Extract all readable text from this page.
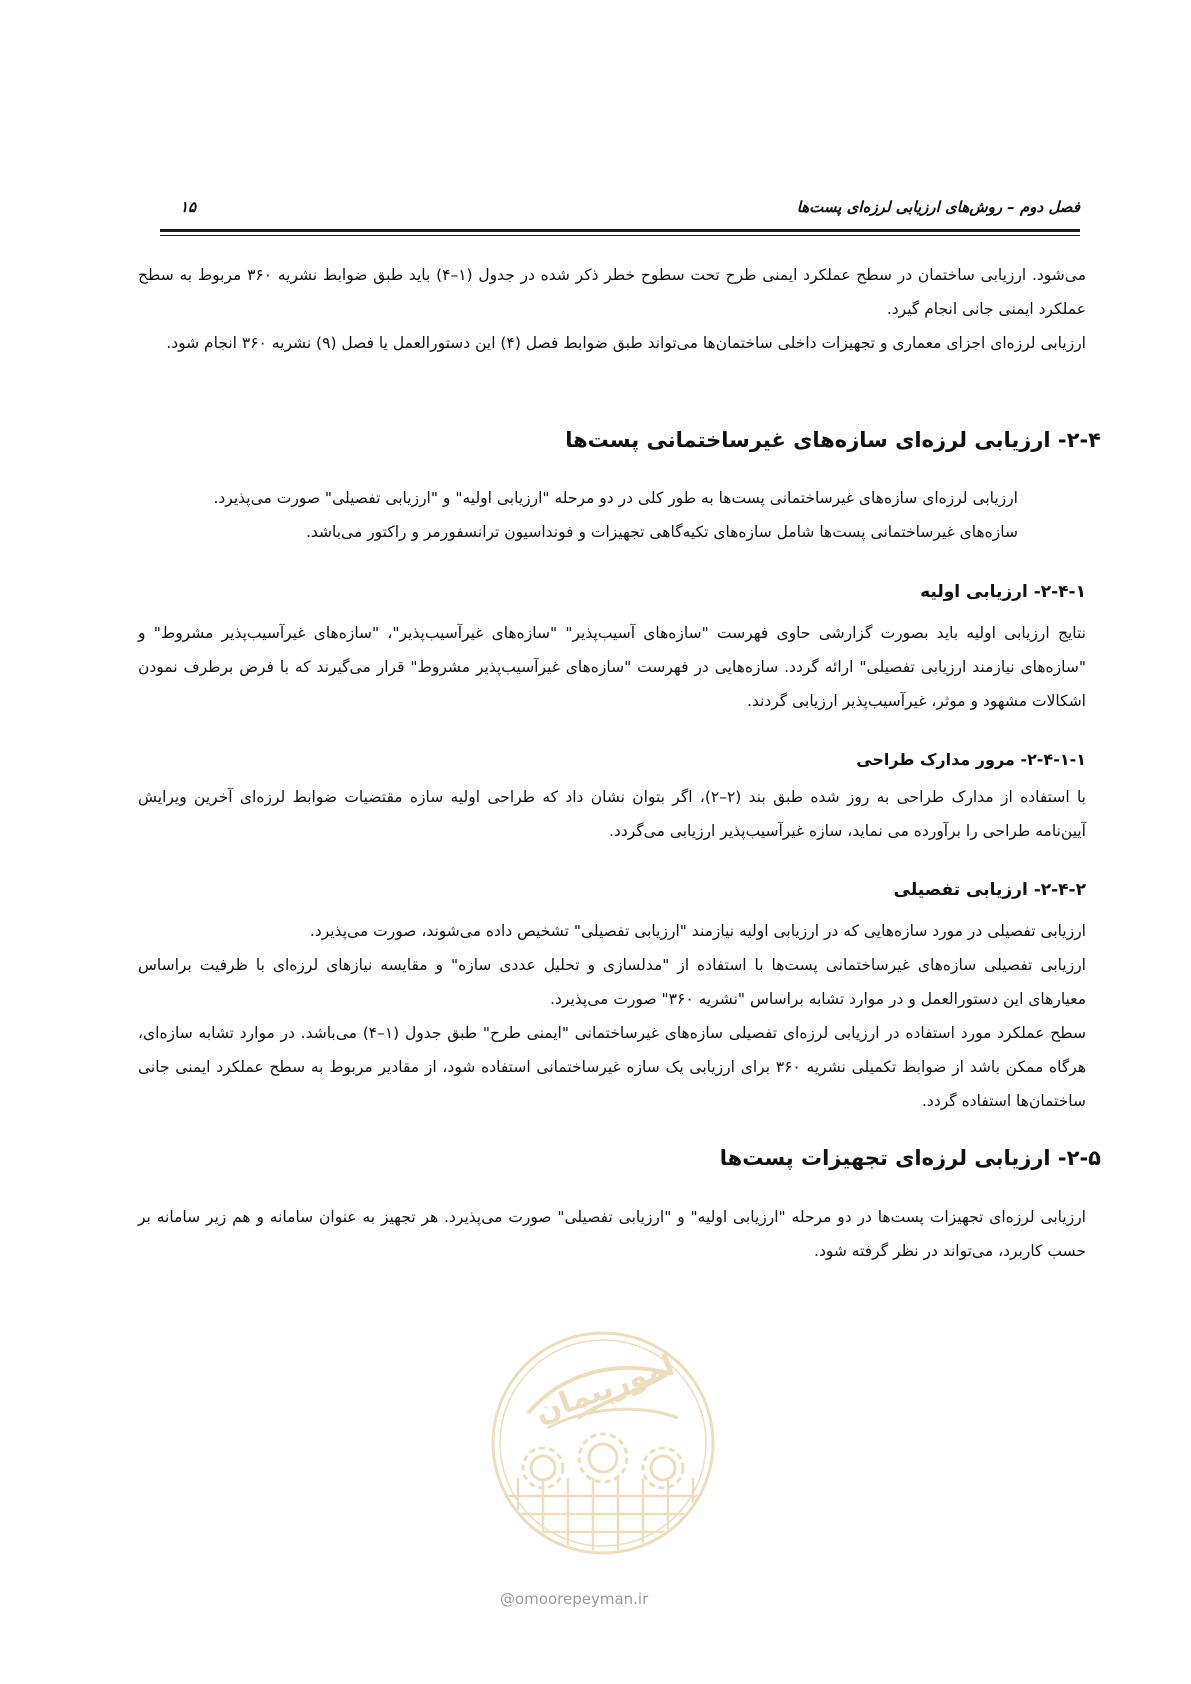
فصل دوم – روش‌های ارزیابی لرزه‌ای پست‌ها
۱۵

می‌شود. ارزیابی ساختمان در سطح عملکرد ایمنی طرح تحت سطوح خطر ذکر شده در جدول (۱–۴) باید طبق ضوابط نشریه ۳۶۰ مربوط به سطح عملکرد ایمنی جانی انجام گیرد.

ارزیابی لرزه‌ای اجزای معماری و تجهیزات داخلی ساختمان‌ها می‌تواند طبق ضوابط فصل (۴) این دستورالعمل یا فصل (۹) نشریه ۳۶۰ انجام شود.

۲-۴- ارزیابی لرزه‌ای سازه‌های غیرساختمانی پست‌ها

ارزیابی لرزه‌ای سازه‌های غیرساختمانی پست‌ها به طور کلی در دو مرحله "ارزیابی اولیه" و "ارزیابی تفصیلی" صورت می‌پذیرد.

سازه‌های غیرساختمانی پست‌ها شامل سازه‌های تکیه‌گاهی تجهیزات و فونداسیون ترانسفورمر و راکتور می‌باشد.

۲-۴-۱- ارزیابی اولیه

نتایج ارزیابی اولیه باید بصورت گزارشی حاوی فهرست "سازه‌های آسیب‌پذیر" "سازه‌های غیرآسیب‌پذیر"، "سازه‌های غیرآسیب‌پذیر مشروط" و "سازه‌های نیازمند ارزیابی تفصیلی" ارائه گردد. سازه‌هایی در فهرست "سازه‌های غیرآسیب‌پذیر مشروط" قرار می‌گیرند که با فرض برطرف نمودن اشکالات مشهود و موثر، غیرآسیب‌پذیر ارزیابی گردند.

۲-۴-۱-۱- مرور مدارک طراحی

با استفاده از مدارک طراحی به روز شده طبق بند (۲–۲)، اگر بتوان نشان داد که طراحی اولیه سازه مقتضیات ضوابط لرزه‌ای آخرین ویرایش آیین‌نامه طراحی را برآورده می نماید، سازه غیرآسیب‌پذیر ارزیابی می‌گردد.

۲-۴-۲- ارزیابی تفصیلی

ارزیابی تفصیلی در مورد سازه‌هایی که در ارزیابی اولیه نیازمند "ارزیابی تفصیلی" تشخیص داده می‌شوند، صورت می‌پذیرد.

ارزیابی تفصیلی سازه‌های غیرساختمانی پست‌ها با استفاده از "مدلسازی و تحلیل عددی سازه" و مقایسه نیازهای لرزه‌ای با ظرفیت براساس معیارهای این دستورالعمل و در موارد تشابه براساس "نشریه ۳۶۰" صورت می‌پذیرد.

سطح عملکرد مورد استفاده در ارزیابی لرزه‌ای تفصیلی سازه‌های غیرساختمانی "ایمنی طرح" طبق جدول (۱–۴) می‌باشد. در موارد تشابه سازه‌ای، هرگاه ممکن باشد از ضوابط تکمیلی نشریه ۳۶۰ برای ارزیابی یک سازه غیرساختمانی استفاده شود، از مقادیر مربوط به سطح عملکرد ایمنی جانی ساختمان‌ها استفاده گردد.

۲-۵- ارزیابی لرزه‌ای تجهیزات پست‌ها

ارزیابی لرزه‌ای تجهیزات پست‌ها در دو مرحله "ارزیابی اولیه" و "ارزیابی تفصیلی" صورت می‌پذیرد. هر تجهیز به عنوان سامانه و هم زیر سامانه بر حسب کاربرد، می‌تواند در نظر گرفته شود.

امورپیمان
@omoorepeyman.ir
